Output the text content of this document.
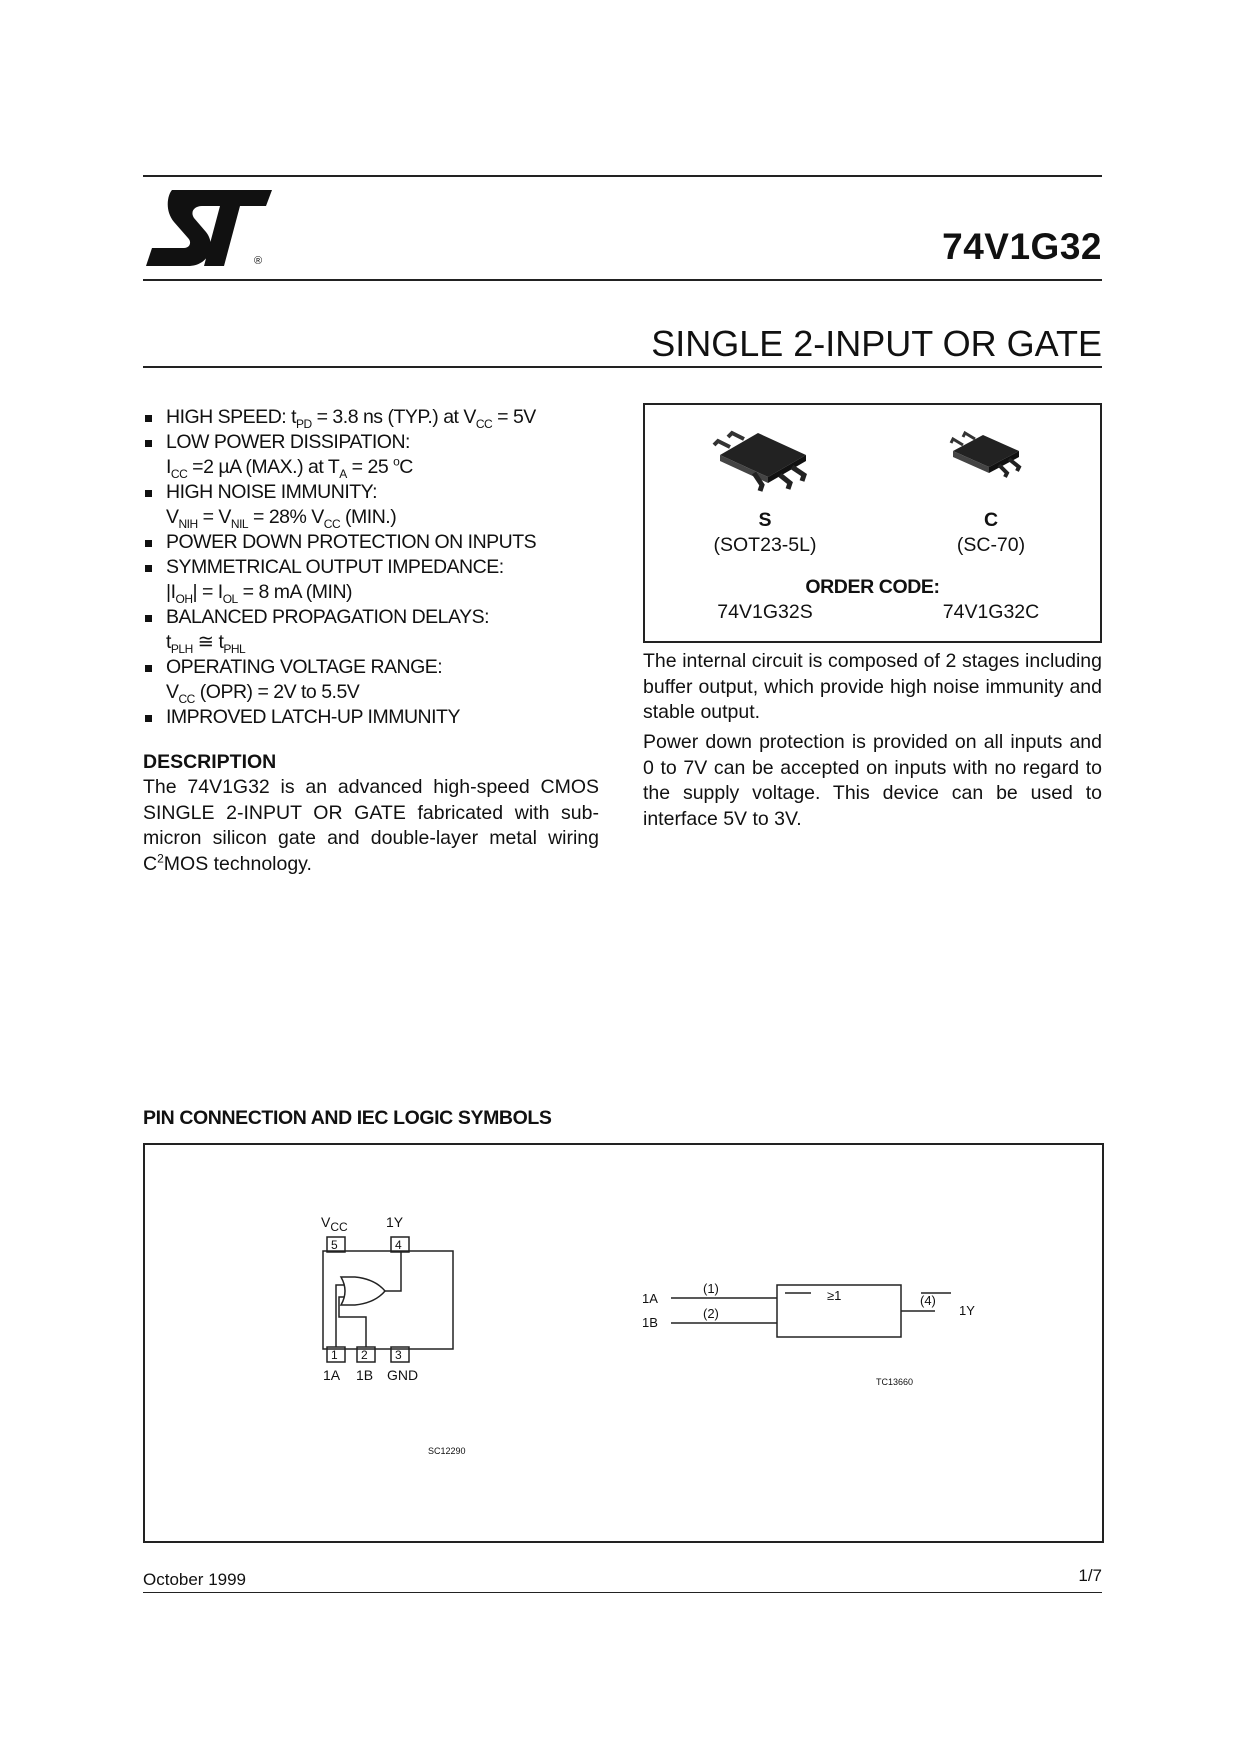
®	74V1G32
SINGLE 2-INPUT OR GATE
HIGH SPEED: $t_{PD} = 3.8$ ns (TYP.) at $V_{CC} = 5V$
LOW POWER DISSIPATION:
$I_{CC} =2$ µA (MAX.) at $T_A = 25$ $^o$C
HIGH NOISE IMMUNITY:
$V_{NIH} = V_{NIL} = 28\%$ $V_{CC}$ (MIN.)
POWER DOWN PROTECTION ON INPUTS
SYMMETRICAL OUTPUT IMPEDANCE:
$|I_{OH}| = I_{OL} = 8$ mA (MIN)
BALANCED PROPAGATION DELAYS:
$t_{PLH}$ ≅ $t_{PHL}$
OPERATING VOLTAGE RANGE:
$V_{CC}$ (OPR) = 2V to 5.5V
IMPROVED LATCH-UP IMMUNITY
DESCRIPTION
The 74V1G32 is an advanced high-speed CMOS SINGLE 2-INPUT OR GATE fabricated with sub-micron silicon gate and double-layer metal wiring $C^2MOS$ technology.
S	C
(SOT23-5L)	(SC-70)
ORDER CODE:
74V1G32S	74V1G32C
The internal circuit is composed of 2 stages including buffer output, which provide high noise immunity and stable output.
Power down protection is provided on all inputs and 0 to 7V can be accepted on inputs with no regard to the supply voltage. This device can be used to interface 5V to 3V.
PIN CONNECTION AND IEC LOGIC SYMBOLS
$V_{CC}$	1Y
5	4
1 2 3
1A 1B GND
SC12290
(1)
(2)
1A
1B
≥1	(4)
1Y
TC13660
October 1999	1/7
